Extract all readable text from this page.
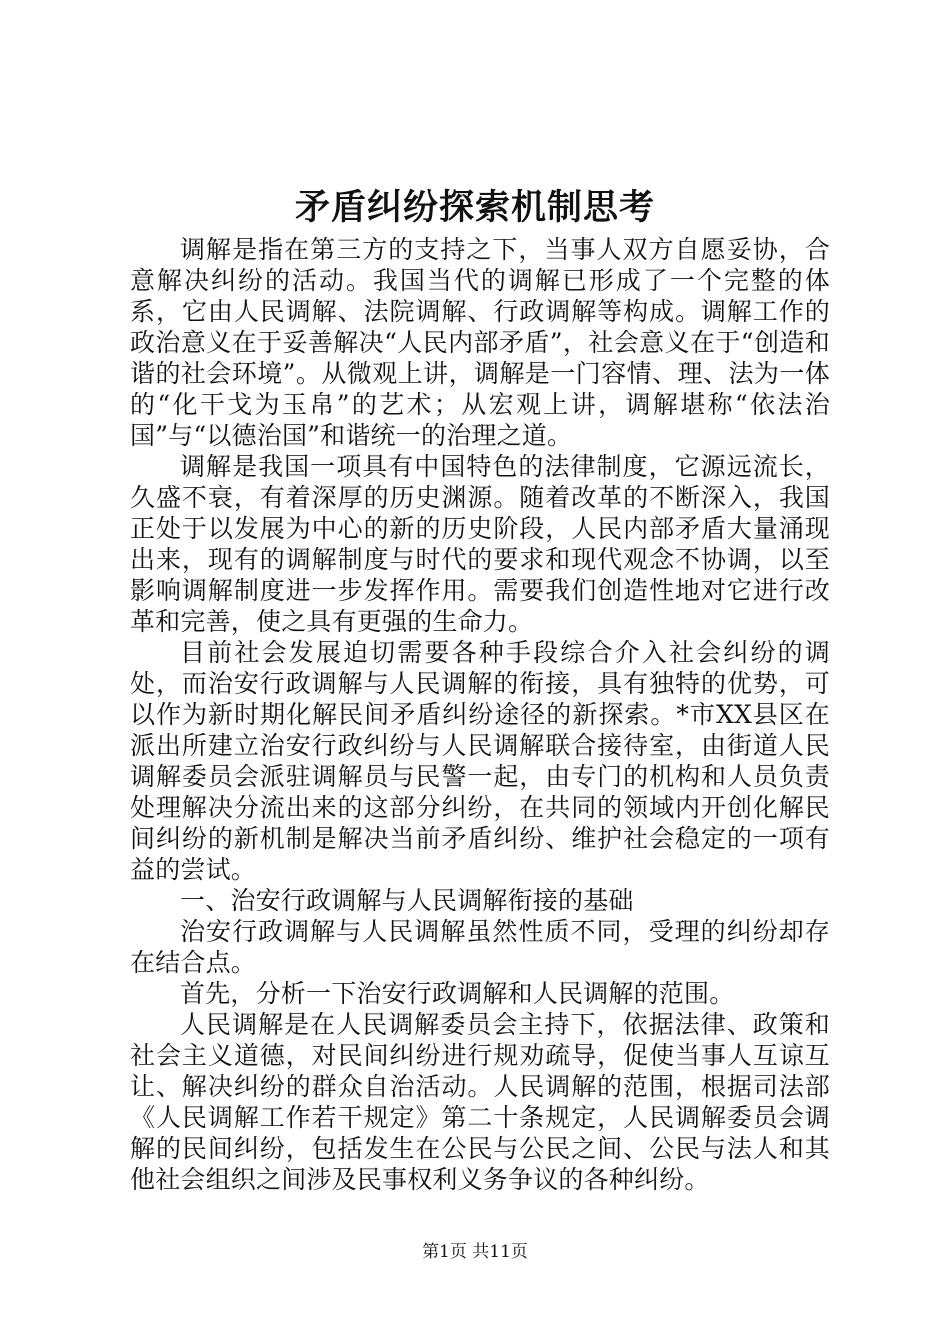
矛盾纠纷探索机制思考

调解是指在第三方的支持之下，当事人双方自愿妥协，合意解决纠纷的活动。我国当代的调解已形成了一个完整的体系，它由人民调解、法院调解、行政调解等构成。调解工作的政治意义在于妥善解决“人民内部矛盾”，社会意义在于“创造和谐的社会环境”。从微观上讲，调解是一门容情、理、法为一体的“化干戈为玉帛”的艺术；从宏观上讲，调解堪称“依法治国”与“以德治国”和谐统一的治理之道。

调解是我国一项具有中国特色的法律制度，它源远流长，久盛不衰，有着深厚的历史渊源。随着改革的不断深入，我国正处于以发展为中心的新的历史阶段，人民内部矛盾大量涌现出来，现有的调解制度与时代的要求和现代观念不协调，以至影响调解制度进一步发挥作用。需要我们创造性地对它进行改革和完善，使之具有更强的生命力。

目前社会发展迫切需要各种手段综合介入社会纠纷的调处，而治安行政调解与人民调解的衔接，具有独特的优势，可以作为新时期化解民间矛盾纠纷途径的新探索。*市XX县区在派出所建立治安行政纠纷与人民调解联合接待室，由街道人民调解委员会派驻调解员与民警一起，由专门的机构和人员负责处理解决分流出来的这部分纠纷，在共同的领域内开创化解民间纠纷的新机制是解决当前矛盾纠纷、维护社会稳定的一项有益的尝试。

一、治安行政调解与人民调解衔接的基础

治安行政调解与人民调解虽然性质不同，受理的纠纷却存在结合点。

首先，分析一下治安行政调解和人民调解的范围。

人民调解是在人民调解委员会主持下，依据法律、政策和社会主义道德，对民间纠纷进行规劝疏导，促使当事人互谅互让、解决纠纷的群众自治活动。人民调解的范围，根据司法部《人民调解工作若干规定》第二十条规定，人民调解委员会调解的民间纠纷，包括发生在公民与公民之间、公民与法人和其他社会组织之间涉及民事权利义务争议的各种纠纷。

第1页 共11页
